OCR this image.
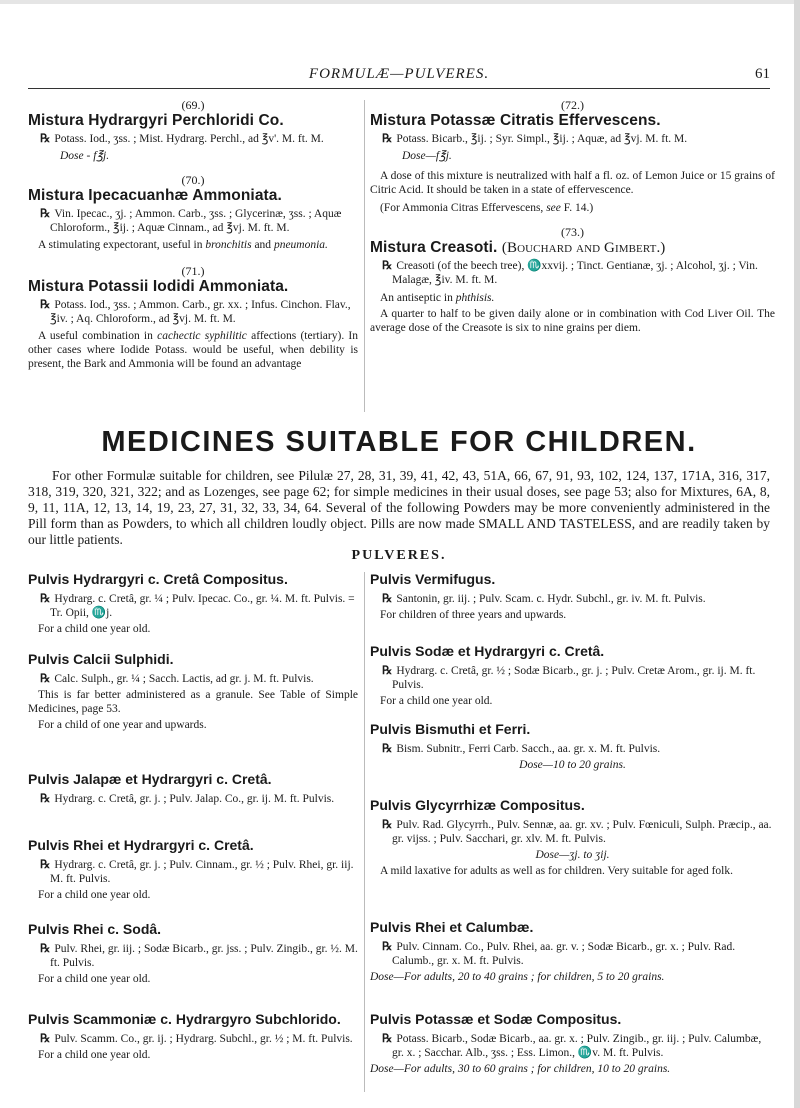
FORMULÆ—PULVERES.	61
(69.)
Mistura Hydrargyri Perchloridi Co.
℞ Potass. Iod., ʒss. ; Mist. Hydrarg. Perchl., ad ℥v'. M. ft. M.
Dose - f℥j.
(70.)
Mistura Ipecacuanhæ Ammoniata.
℞ Vin. Ipecac., ʒj. ; Ammon. Carb., ʒss. ; Glycerinæ, ʒss. ; Aquæ Chloroform., ℥ij. ; Aquæ Cinnam., ad ℥vj. M. ft. M.
A stimulating expectorant, useful in bronchitis and pneumonia.
(71.)
Mistura Potassii Iodidi Ammoniata.
℞ Potass. Iod., ʒss. ; Ammon. Carb., gr. xx. ; Infus. Cinchon. Flav., ℥iv. ; Aq. Chloroform., ad ℥vj. M. ft. M.
A useful combination in cachectic syphilitic affections (tertiary). In other cases where Iodide Potass. would be useful, when debility is present, the Bark and Ammonia will be found an advantage
(72.)
Mistura Potassæ Citratis Effervescens.
℞ Potass. Bicarb., ℥ij. ; Syr. Simpl., ℥ij. ; Aquæ, ad ℥vj. M. ft. M.
Dose—f℥j.
A dose of this mixture is neutralized with half a fl. oz. of Lemon Juice or 15 grains of Citric Acid. It should be taken in a state of effervescence.
(For Ammonia Citras Effervescens, see F. 14.)
(73.)
Mistura Creasoti. (Bouchard and Gimbert.)
℞ Creasoti (of the beech tree), ♏xxvij. ; Tinct. Gentianæ, ʒj. ; Alcohol, ʒj. ; Vin. Malagæ, ℥iv. M. ft. M.
An antiseptic in phthisis.
A quarter to half to be given daily alone or in combination with Cod Liver Oil. The average dose of the Creasote is six to nine grains per diem.
MEDICINES SUITABLE FOR CHILDREN.
For other Formulæ suitable for children, see Pilulæ 27, 28, 31, 39, 41, 42, 43, 51A, 66, 67, 91, 93, 102, 124, 137, 171A, 316, 317, 318, 319, 320, 321, 322; and as Lozenges, see page 62; for simple medicines in their usual doses, see page 53; also for Mixtures, 6A, 8, 9, 11, 11A, 12, 13, 14, 19, 23, 27, 31, 32, 33, 34, 64. Several of the following Powders may be more conveniently administered in the Pill form than as Powders, to which all children loudly object. Pills are now made SMALL AND TASTELESS, and are readily taken by our little patients.
PULVERES.
Pulvis Hydrargyri c. Cretâ Compositus.
℞ Hydrarg. c. Cretâ, gr. ¼ ; Pulv. Ipecac. Co., gr. ¼. M. ft. Pulvis. = Tr. Opii, ♏j.
For a child one year old.
Pulvis Calcii Sulphidi.
℞ Calc. Sulph., gr. ¼ ; Sacch. Lactis, ad gr. j. M. ft. Pulvis.
This is far better administered as a granule. See Table of Simple Medicines, page 53.
For a child of one year and upwards.
Pulvis Jalapæ et Hydrargyri c. Cretâ.
℞ Hydrarg. c. Cretâ, gr. j. ; Pulv. Jalap. Co., gr. ij. M. ft. Pulvis.
Pulvis Rhei et Hydrargyri c. Cretâ.
℞ Hydrarg. c. Cretâ, gr. j. ; Pulv. Cinnam., gr. ½ ; Pulv. Rhei, gr. iij. M. ft. Pulvis.
For a child one year old.
Pulvis Rhei c. Sodâ.
℞ Pulv. Rhei, gr. iij. ; Sodæ Bicarb., gr. jss. ; Pulv. Zingib., gr. ½. M. ft. Pulvis.
For a child one year old.
Pulvis Scammoniæ c. Hydrargyro Subchlorido.
℞ Pulv. Scamm. Co., gr. ij. ; Hydrarg. Subchl., gr. ½ ; M. ft. Pulvis.
For a child one year old.
Pulvis Vermifugus.
℞ Santonin, gr. iij. ; Pulv. Scam. c. Hydr. Subchl., gr. iv. M. ft. Pulvis.
For children of three years and upwards.
Pulvis Sodæ et Hydrargyri c. Cretâ.
℞ Hydrarg. c. Cretâ, gr. ½ ; Sodæ Bicarb., gr. j. ; Pulv. Cretæ Arom., gr. ij. M. ft. Pulvis.
For a child one year old.
Pulvis Bismuthi et Ferri.
℞ Bism. Subnitr., Ferri Carb. Sacch., aa. gr. x. M. ft. Pulvis.
Dose—10 to 20 grains.
Pulvis Glycyrrhizæ Compositus.
℞ Pulv. Rad. Glycyrrh., Pulv. Sennæ, aa. gr. xv. ; Pulv. Fœniculi, Sulph. Præcip., aa. gr. vijss. ; Pulv. Sacchari, gr. xlv. M. ft. Pulvis.
Dose—ʒj. to ʒij.
A mild laxative for adults as well as for children. Very suitable for aged folk.
Pulvis Rhei et Calumbæ.
℞ Pulv. Cinnam. Co., Pulv. Rhei, aa. gr. v. ; Sodæ Bicarb., gr. x. ; Pulv. Rad. Calumb., gr. x. M. ft. Pulvis.
Dose—For adults, 20 to 40 grains ; for children, 5 to 20 grains.
Pulvis Potassæ et Sodæ Compositus.
℞ Potass. Bicarb., Sodæ Bicarb., aa. gr. x. ; Pulv. Zingib., gr. iij. ; Pulv. Calumbæ, gr. x. ; Sacchar. Alb., ʒss. ; Ess. Limon., ♏v. M. ft. Pulvis.
Dose—For adults, 30 to 60 grains ; for children, 10 to 20 grains.
